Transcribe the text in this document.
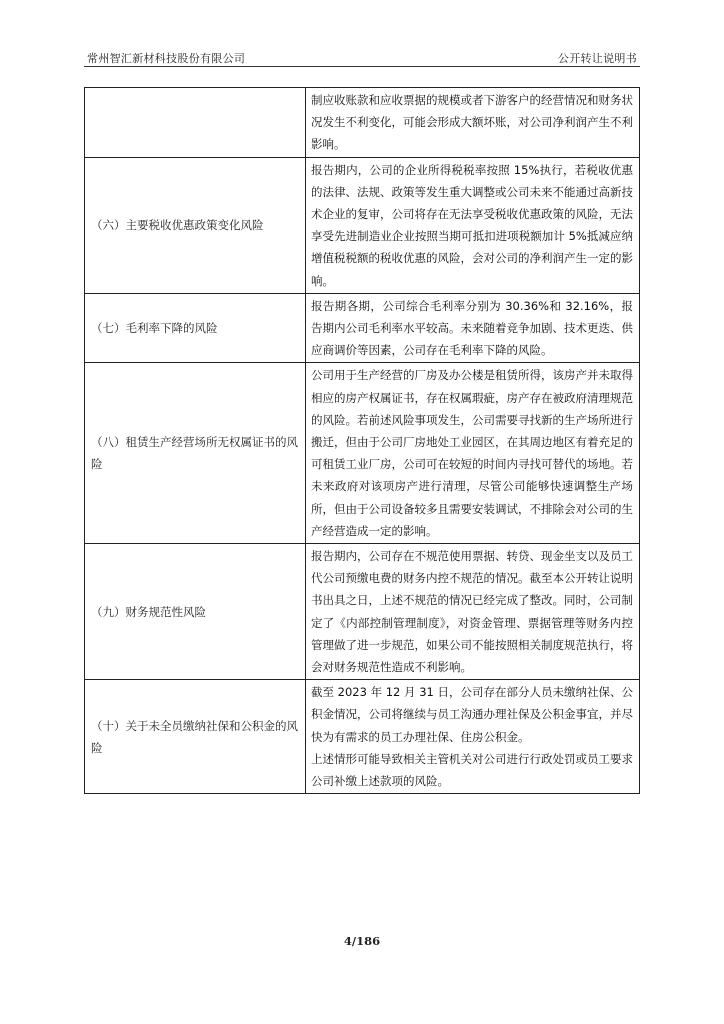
常州智汇新材科技股份有限公司	公开转让说明书

	制应收账款和应收票据的规模或者下游客户的经营情况和财务状况发生不利变化，可能会形成大额坏账，对公司净利润产生不利影响。

（六）主要税收优惠政策变化风险	报告期内，公司的企业所得税税率按照 15%执行，若税收优惠的法律、法规、政策等发生重大调整或公司未来不能通过高新技术企业的复审，公司将存在无法享受税收优惠政策的风险，无法享受先进制造业企业按照当期可抵扣进项税额加计 5%抵减应纳增值税税额的税收优惠的风险，会对公司的净利润产生一定的影响。

（七）毛利率下降的风险	报告期各期，公司综合毛利率分别为 30.36%和 32.16%，报告期内公司毛利率水平较高。未来随着竞争加剧、技术更迭、供应商调价等因素，公司存在毛利率下降的风险。

（八）租赁生产经营场所无权属证书的风险	公司用于生产经营的厂房及办公楼是租赁所得，该房产并未取得相应的房产权属证书，存在权属瑕疵，房产存在被政府清理规范的风险。若前述风险事项发生，公司需要寻找新的生产场所进行搬迁，但由于公司厂房地处工业园区，在其周边地区有着充足的可租赁工业厂房，公司可在较短的时间内寻找可替代的场地。若未来政府对该项房产进行清理，尽管公司能够快速调整生产场所，但由于公司设备较多且需要安装调试，不排除会对公司的生产经营造成一定的影响。

（九）财务规范性风险	报告期内，公司存在不规范使用票据、转贷、现金坐支以及员工代公司预缴电费的财务内控不规范的情况。截至本公开转让说明书出具之日，上述不规范的情况已经完成了整改。同时，公司制定了《内部控制管理制度》，对资金管理、票据管理等财务内控管理做了进一步规范，如果公司不能按照相关制度规范执行，将会对财务规范性造成不利影响。

（十）关于未全员缴纳社保和公积金的风险	截至 2023 年 12 月 31 日，公司存在部分人员未缴纳社保、公积金情况，公司将继续与员工沟通办理社保及公积金事宜，并尽快为有需求的员工办理社保、住房公积金。

上述情形可能导致相关主管机关对公司进行行政处罚或员工要求公司补缴上述款项的风险。

4/186
